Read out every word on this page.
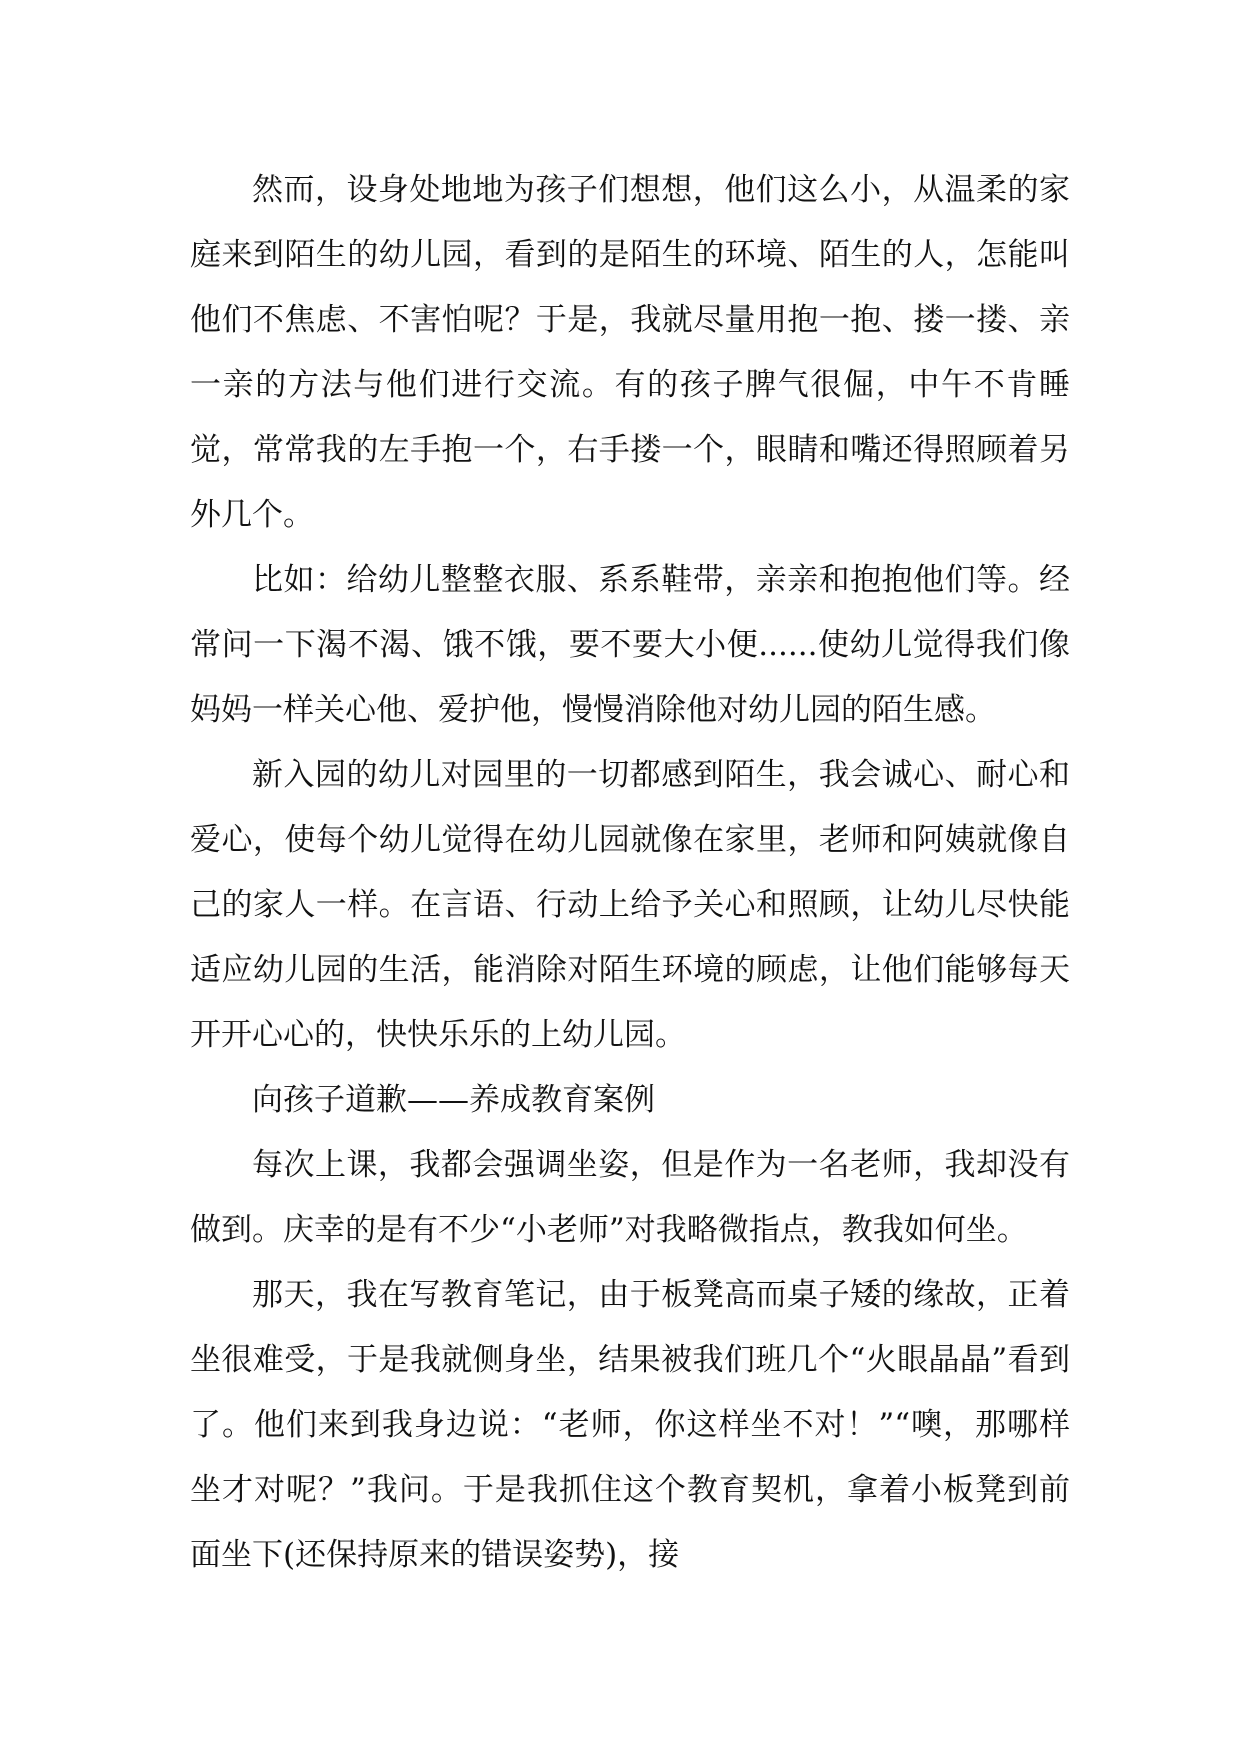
然而，设身处地地为孩子们想想，他们这么小，从温柔的家庭来到陌生的幼儿园，看到的是陌生的环境、陌生的人，怎能叫他们不焦虑、不害怕呢？于是，我就尽量用抱一抱、搂一搂、亲一亲的方法与他们进行交流。有的孩子脾气很倔，中午不肯睡觉，常常我的左手抱一个，右手搂一个，眼睛和嘴还得照顾着另外几个。

比如：给幼儿整整衣服、系系鞋带，亲亲和抱抱他们等。经常问一下渴不渴、饿不饿，要不要大小便......使幼儿觉得我们像妈妈一样关心他、爱护他，慢慢消除他对幼儿园的陌生感。

新入园的幼儿对园里的一切都感到陌生，我会诚心、耐心和爱心，使每个幼儿觉得在幼儿园就像在家里，老师和阿姨就像自己的家人一样。在言语、行动上给予关心和照顾，让幼儿尽快能适应幼儿园的生活，能消除对陌生环境的顾虑，让他们能够每天开开心心的，快快乐乐的上幼儿园。

向孩子道歉——养成教育案例

每次上课，我都会强调坐姿，但是作为一名老师，我却没有做到。庆幸的是有不少“小老师”对我略微指点，教我如何坐。

那天，我在写教育笔记，由于板凳高而桌子矮的缘故，正着坐很难受，于是我就侧身坐，结果被我们班几个“火眼晶晶”看到了。他们来到我身边说：“老师，你这样坐不对！”“噢，那哪样坐才对呢？”我问。于是我抓住这个教育契机，拿着小板凳到前面坐下(还保持原来的错误姿势)，接
